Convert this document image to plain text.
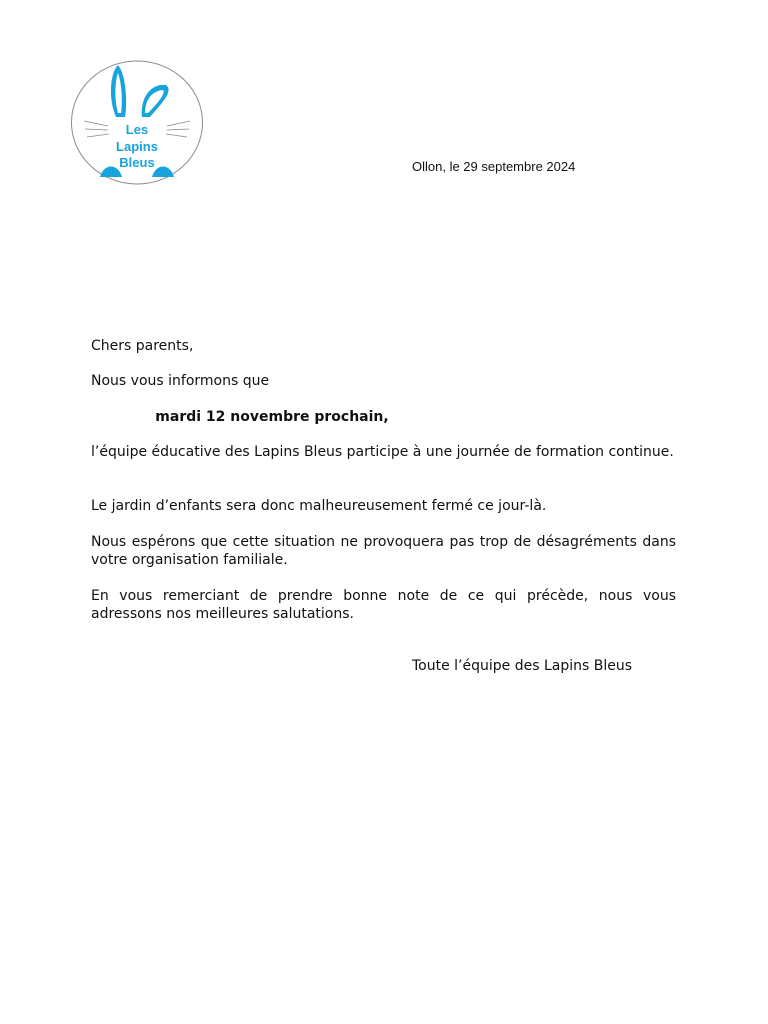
Les
Lapins
Bleus	Ollon, le 29 septembre 2024

Chers parents,

Nous vous informons que

mardi 12 novembre prochain,

l’équipe éducative des Lapins Bleus participe à une journée de formation continue.

Le jardin d’enfants sera donc malheureusement fermé ce jour-là.

Nous espérons que cette situation ne provoquera pas trop de désagréments dans votre organisation familiale.

En vous remerciant de prendre bonne note de ce qui précède, nous vous adressons nos meilleures salutations.

Toute l’équipe des Lapins Bleus
